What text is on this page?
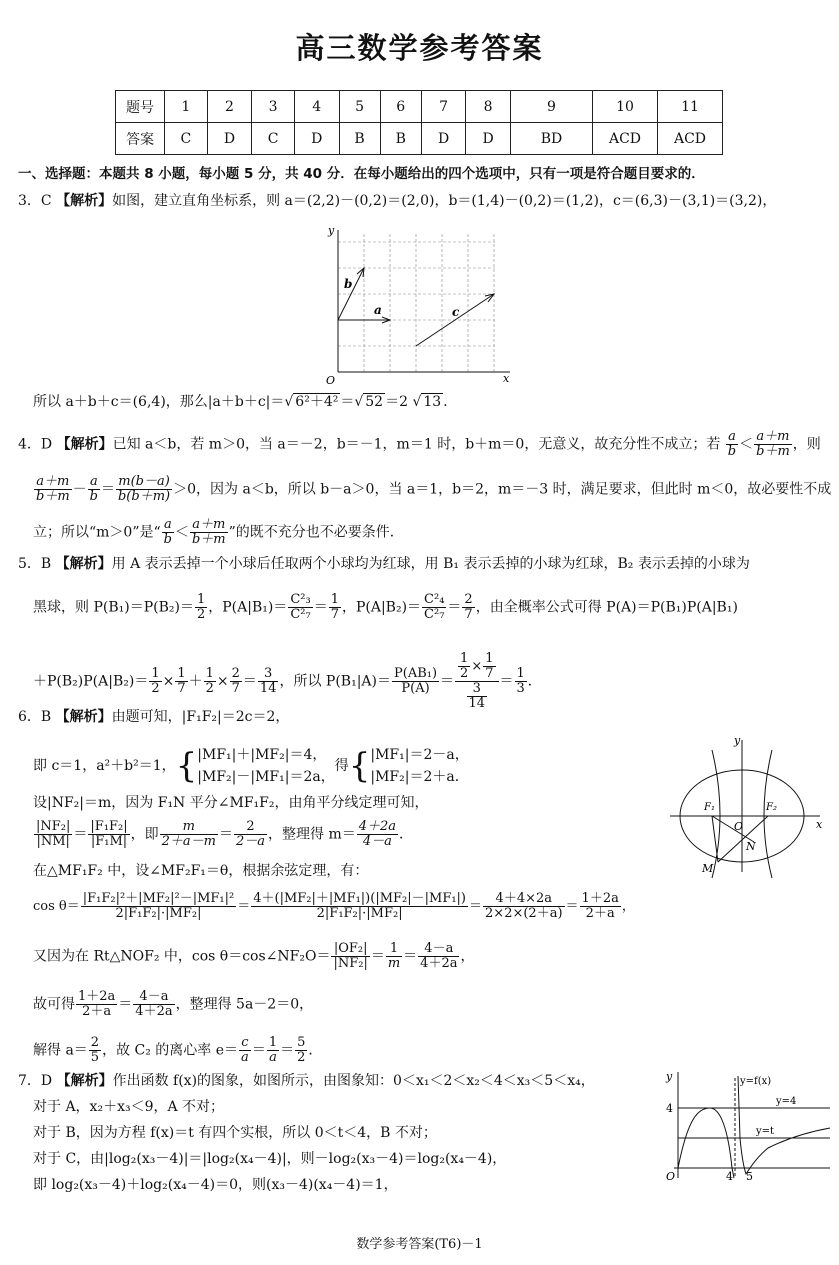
高三数学参考答案
题号	1	2	3	4	5	6	7	8	9	10	11
答案	C	D	C	D	B	B	D	D	BD	ACD	ACD
一、选择题：本题共 8 小题，每小题 5 分，共 40 分．在每小题给出的四个选项中，只有一项是符合题目要求的．
3．C 【解析】如图，建立直角坐标系，则 a＝(2,2)－(0,2)＝(2,0)，b＝(1,4)－(0,2)＝(1,2)，c＝(6,3)－(3,1)＝(3,2)，
y
x
O
a
b
c
所以 a＋b＋c＝(6,4)，那么|a＋b＋c|＝√ 6²＋4² ＝√ 52 ＝2 √ 13 ．
4．D 【解析】已知 a＜b，若 m＞0，当 a＝－2，b＝－1，m＝1 时，b＋m＝0，无意义，故充分性不成立；若 $\frac{a}{b} < \frac{a+m}{b+m}$ ，则
$\frac{a+m}{b+m} - \frac{a}{b} = \frac{m(b-a)}{b(b+m)} >0$，因为 a＜b，所以 b－a＞0，当 a＝1，b＝2，m＝－3 时，满足要求，但此时 m＜0，故必要性不成
立；所以“m＞0”是“ $\frac{a}{b} < \frac{a+m}{b+m}$ ”的既不充分也不必要条件．
5．B 【解析】用 A 表示丢掉一个小球后任取两个小球均为红球，用 B₁ 表示丢掉的小球为红球，B₂ 表示丢掉的小球为
黑球，则 $P(B_1)=P(B_2)= \frac{1}{2}$ ，$P(A|B_1)= \frac{\text{C²₃}}{\text{C²₇}} = \frac{1}{7}$ ，$P(A|B_2)= \frac{\text{C²₄}}{\text{C²₇}} = \frac{2}{7}$ ，由全概率公式可得 P(A)＝P(B₁)P(A|B₁)
$+P(B_2)P(A|B_2)= \frac{1}{2} \times \frac{1}{7} + \frac{1}{2} \times \frac{2}{7} = \frac{3}{14}$ ，所以 $P(B_1|A)= \frac{\text{P(AB₁)}}{P(A)} = \frac{\frac{1}{2} \times \frac{1}{7}}{\frac{3}{14}} = \frac{1}{3}$ ．
6．B 【解析】由题可知，|F₁F₂|＝2c＝2，
即 c＝1，a²＋b²＝1，{|MF₁|＋|MF₂|＝4，
|MF₂|－|MF₁|＝2a，得{|MF₁|＝2－a，
|MF₂|＝2＋a．
设|NF₂|＝m，因为 F₁N 平分∠MF₁F₂，由角平分线定理可知，
$\frac{\text{|NF₂|}}{|NM|} = \frac{\text{|F₁F₂|}}{\text{|F₁M|}}$ ，即 $\frac{m}{2+a-m} = \frac{2}{2-a}$ ，整理得 $m= \frac{4+2a}{4-a}$ ．
在△MF₁F₂ 中，设∠MF₂F₁＝θ，根据余弦定理，有：
$\cos \theta= \frac{\text{|F₁F₂|²＋|MF₂|²－|MF₁|²}}{\text{2|F₁F₂|·|MF₂|}} = \frac{\text{4＋(|MF₂|＋|MF₁|)(|MF₂|－|MF₁|)}}{\text{2|F₁F₂|·|MF₂|}} = \frac{4+4\times 2a}{2\times 2\times(2+a)} = \frac{1+2a}{2+a}$ ，
又因为在 Rt△NOF₂ 中，cos θ＝cos∠NF₂O＝ $\frac{\text{|OF₂|}}{\text{|NF₂|}} = \frac{1}{m} = \frac{4-a}{4+2a}$ ，
故可得 $\frac{1+2a}{2+a} = \frac{4-a}{4+2a}$ ，整理得 5a－2＝0，
解得 $a= \frac{2}{5}$ ，故 C₂ 的离心率 $e= \frac{c}{a} = \frac{1}{a} = \frac{5}{2}$ ．
y
x
O
F₁	F₂
N
M
7．D 【解析】作出函数 f(x)的图象，如图所示，由图象知：0＜x₁＜2＜x₂＜4＜x₃＜5＜x₄，
对于 A，x₂＋x₃＜9，A 不对；
对于 B，因为方程 f(x)＝t 有四个实根，所以 0＜t＜4，B 不对；
对于 C，由|log₂(x₃－4)|＝|log₂(x₄－4)|，则－log₂(x₃－4)＝log₂(x₄－4)，
即 log₂(x₃－4)＋log₂(x₄－4)＝0，则(x₃－4)(x₄－4)＝1，
y	y=f(x)
4
y=4
y=t
O	4 5
数学参考答案(T6)－1
